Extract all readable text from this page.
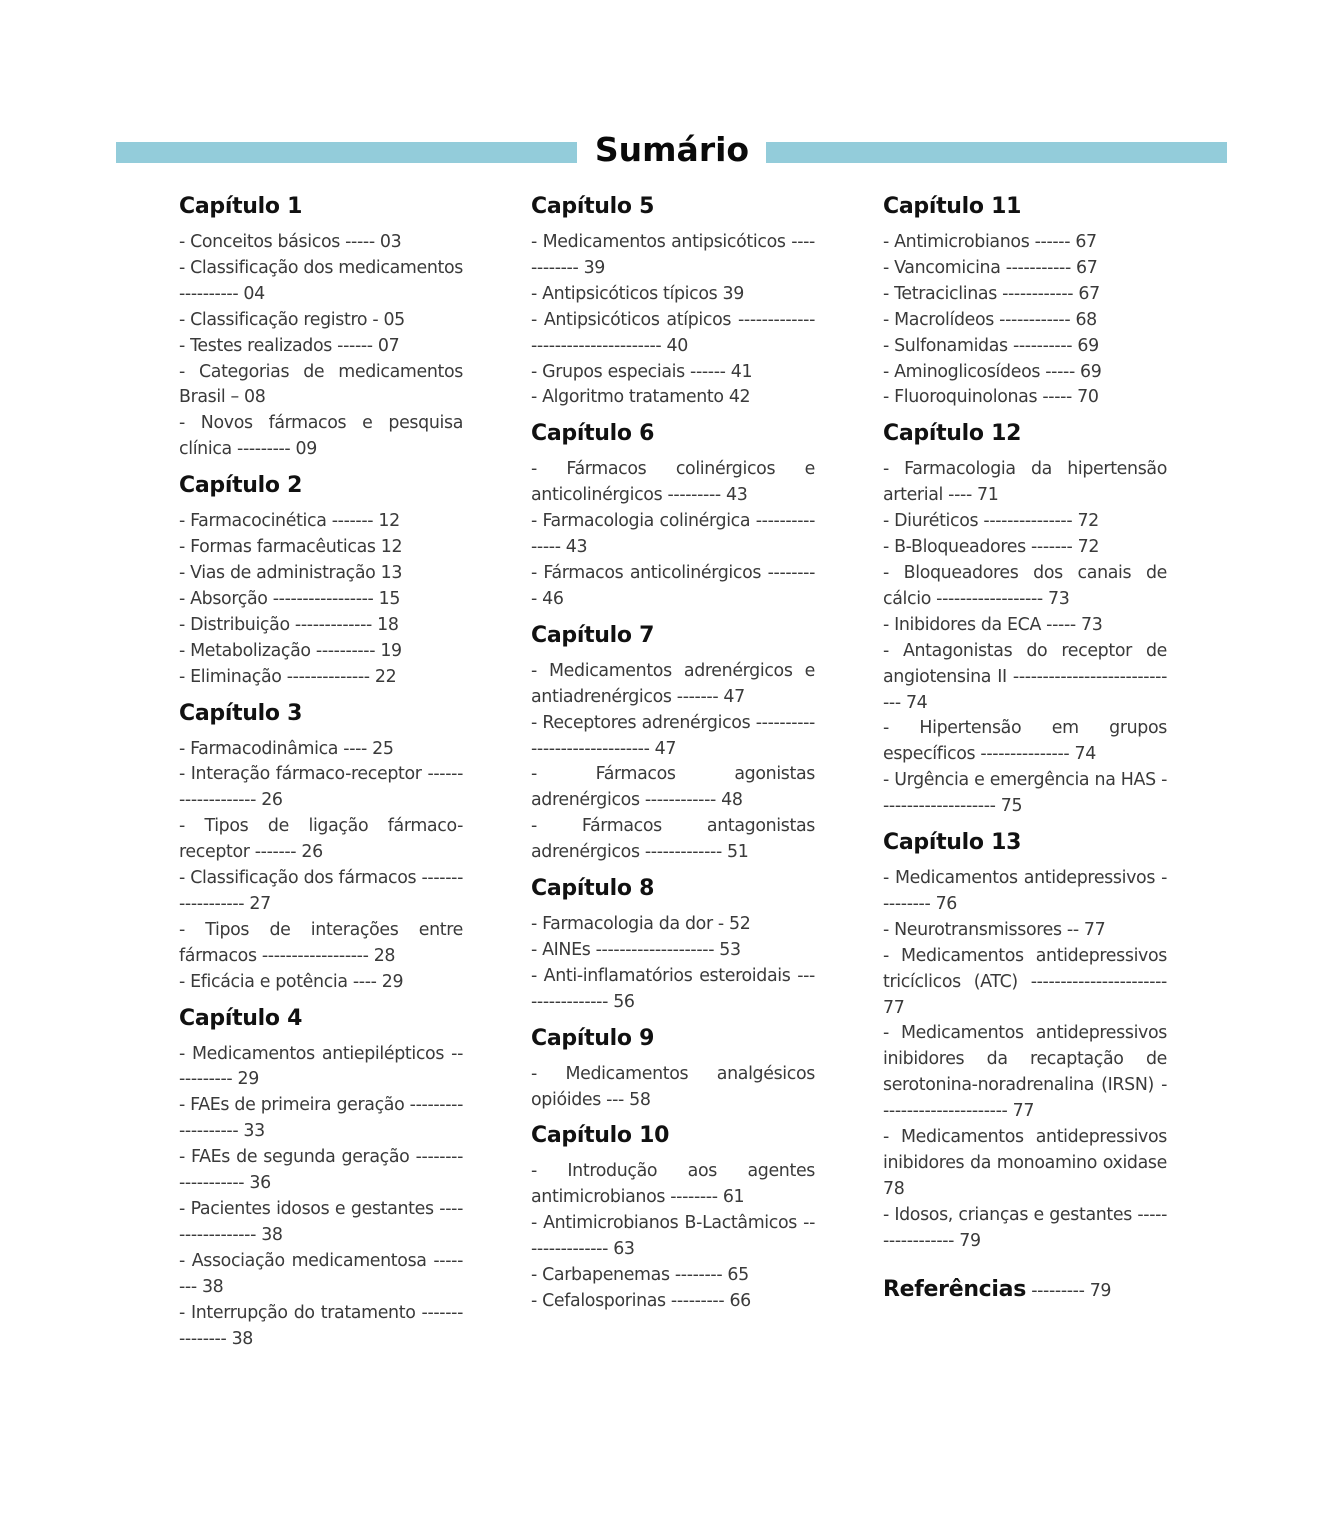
Sumário
Capítulo 1
- Conceitos básicos ----- 03
- Classificação dos medicamentos ---------- 04
- Classificação registro - 05
- Testes realizados ------ 07
- Categorias de medicamentos Brasil – 08
- Novos fármacos e pesquisa clínica --------- 09
Capítulo 2
- Farmacocinética ------- 12
- Formas farmacêuticas 12
- Vias de administração 13
- Absorção ----------------- 15
- Distribuição ------------- 18
- Metabolização ---------- 19
- Eliminação -------------- 22
Capítulo 3
- Farmacodinâmica ---- 25
- Interação fármaco-receptor ------------------- 26
- Tipos de ligação fármaco-receptor ------- 26
- Classificação dos fármacos ------------------ 27
- Tipos de interações entre fármacos ------------------ 28
- Eficácia e potência ---- 29
Capítulo 4
- Medicamentos antiepilépticos ----------- 29
- FAEs de primeira geração ------------------- 33
- FAEs de segunda geração ------------------- 36
- Pacientes idosos e gestantes ----------------- 38
- Associação medicamentosa -------- 38
- Interrupção do tratamento --------------- 38
Capítulo 5
- Medicamentos antipsicóticos ------------ 39
- Antipsicóticos típicos 39
- Antipsicóticos atípicos ----------------------------------- 40
- Grupos especiais ------ 41
- Algoritmo tratamento 42
Capítulo 6
- Fármacos colinérgicos e anticolinérgicos --------- 43
- Farmacologia colinérgica --------------- 43
- Fármacos anticolinérgicos --------- 46
Capítulo 7
- Medicamentos adrenérgicos e antiadrenérgicos ------- 47
- Receptores adrenérgicos ------------------------------ 47
- Fármacos agonistas adrenérgicos ------------ 48
- Fármacos antagonistas adrenérgicos ------------- 51
Capítulo 8
- Farmacologia da dor - 52
- AINEs -------------------- 53
- Anti-inflamatórios esteroidais ---------------- 56
Capítulo 9
- Medicamentos analgésicos opióides --- 58
Capítulo 10
- Introdução aos agentes antimicrobianos -------- 61
- Antimicrobianos B-Lactâmicos --------------- 63
- Carbapenemas -------- 65
- Cefalosporinas --------- 66
Capítulo 11
- Antimicrobianos ------ 67
- Vancomicina ----------- 67
- Tetraciclinas ------------ 67
- Macrolídeos ------------ 68
- Sulfonamidas ---------- 69
- Aminoglicosídeos ----- 69
- Fluoroquinolonas ----- 70
Capítulo 12
- Farmacologia da hipertensão arterial ---- 71
- Diuréticos --------------- 72
- B-Bloqueadores ------- 72
- Bloqueadores dos canais de cálcio ------------------ 73
- Inibidores da ECA ----- 73
- Antagonistas do receptor de angiotensina II ----------------------------- 74
- Hipertensão em grupos específicos --------------- 74
- Urgência e emergência na HAS -------------------- 75
Capítulo 13
- Medicamentos antidepressivos --------- 76
- Neurotransmissores -- 77
- Medicamentos antidepressivos tricíclicos (ATC) ----------------------- 77
- Medicamentos antidepressivos inibidores da recaptação de serotonina-noradrenalina (IRSN) ---------------------- 77
- Medicamentos antidepressivos inibidores da monoamino oxidase 78
- Idosos, crianças e gestantes ----------------- 79
Referências --------- 79
